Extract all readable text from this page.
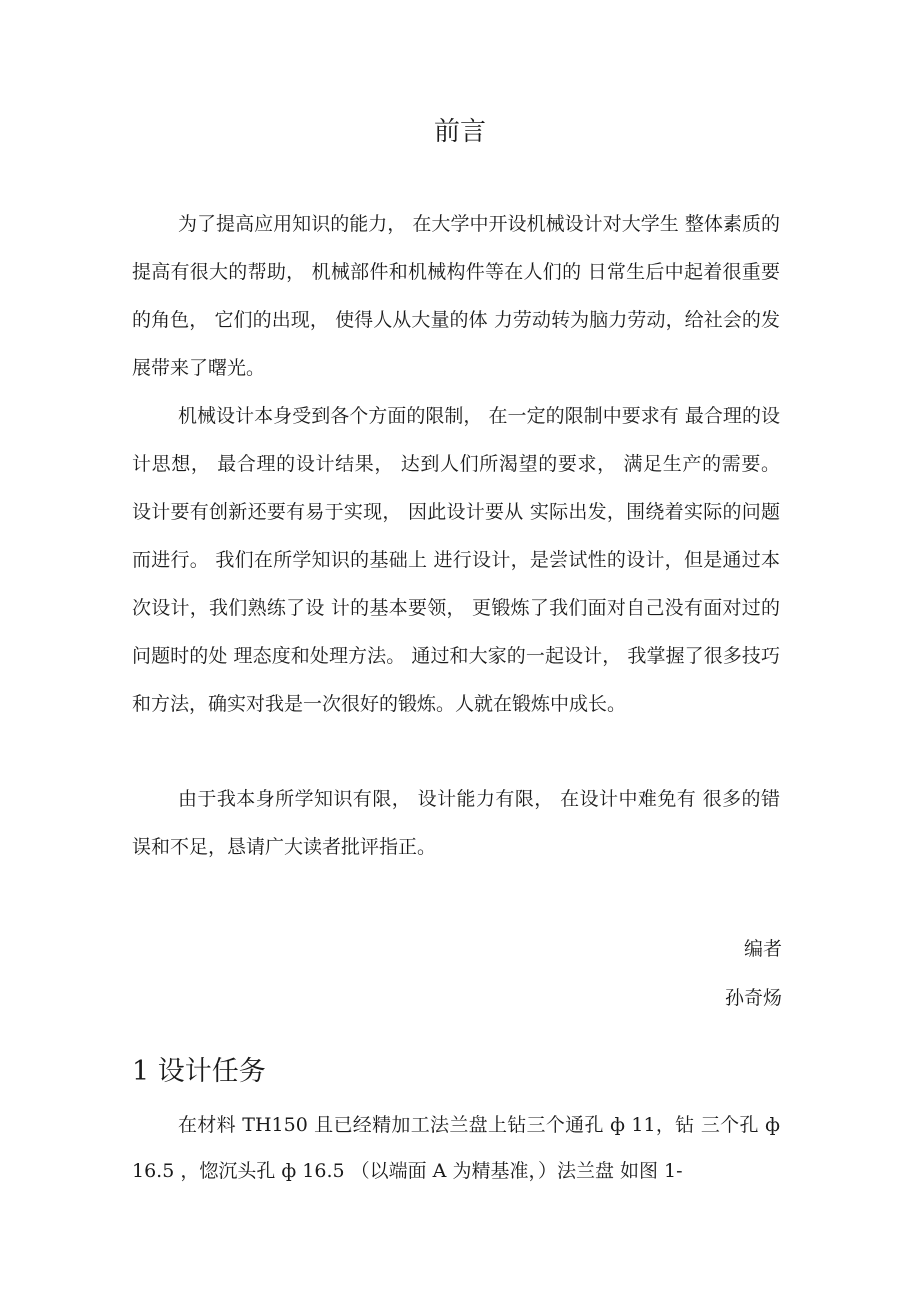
前言

为了提高应用知识的能力， 在大学中开设机械设计对大学生 整体素质的提高有很大的帮助， 机械部件和机械构件等在人们的 日常生后中起着很重要的角色， 它们的出现， 使得人从大量的体 力劳动转为脑力劳动，给社会的发展带来了曙光。

机械设计本身受到各个方面的限制， 在一定的限制中要求有 最合理的设计思想， 最合理的设计结果， 达到人们所渴望的要求， 满足生产的需要。 设计要有创新还要有易于实现， 因此设计要从 实际出发，围绕着实际的问题而进行。 我们在所学知识的基础上 进行设计，是尝试性的设计，但是通过本次设计，我们熟练了设 计的基本要领， 更锻炼了我们面对自己没有面对过的问题时的处 理态度和处理方法。 通过和大家的一起设计， 我掌握了很多技巧 和方法，确实对我是一次很好的锻炼。人就在锻炼中成长。

由于我本身所学知识有限， 设计能力有限， 在设计中难免有 很多的错误和不足，恳请广大读者批评指正。

编者
孙奇炀
1 设计任务

在材料 TH150 且已经精加工法兰盘上钻三个通孔 ф 11，钻 三个孔 ф 16.5 ，惚沉头孔 ф 16.5 （以端面 A 为精基准，）法兰盘 如图 1-
